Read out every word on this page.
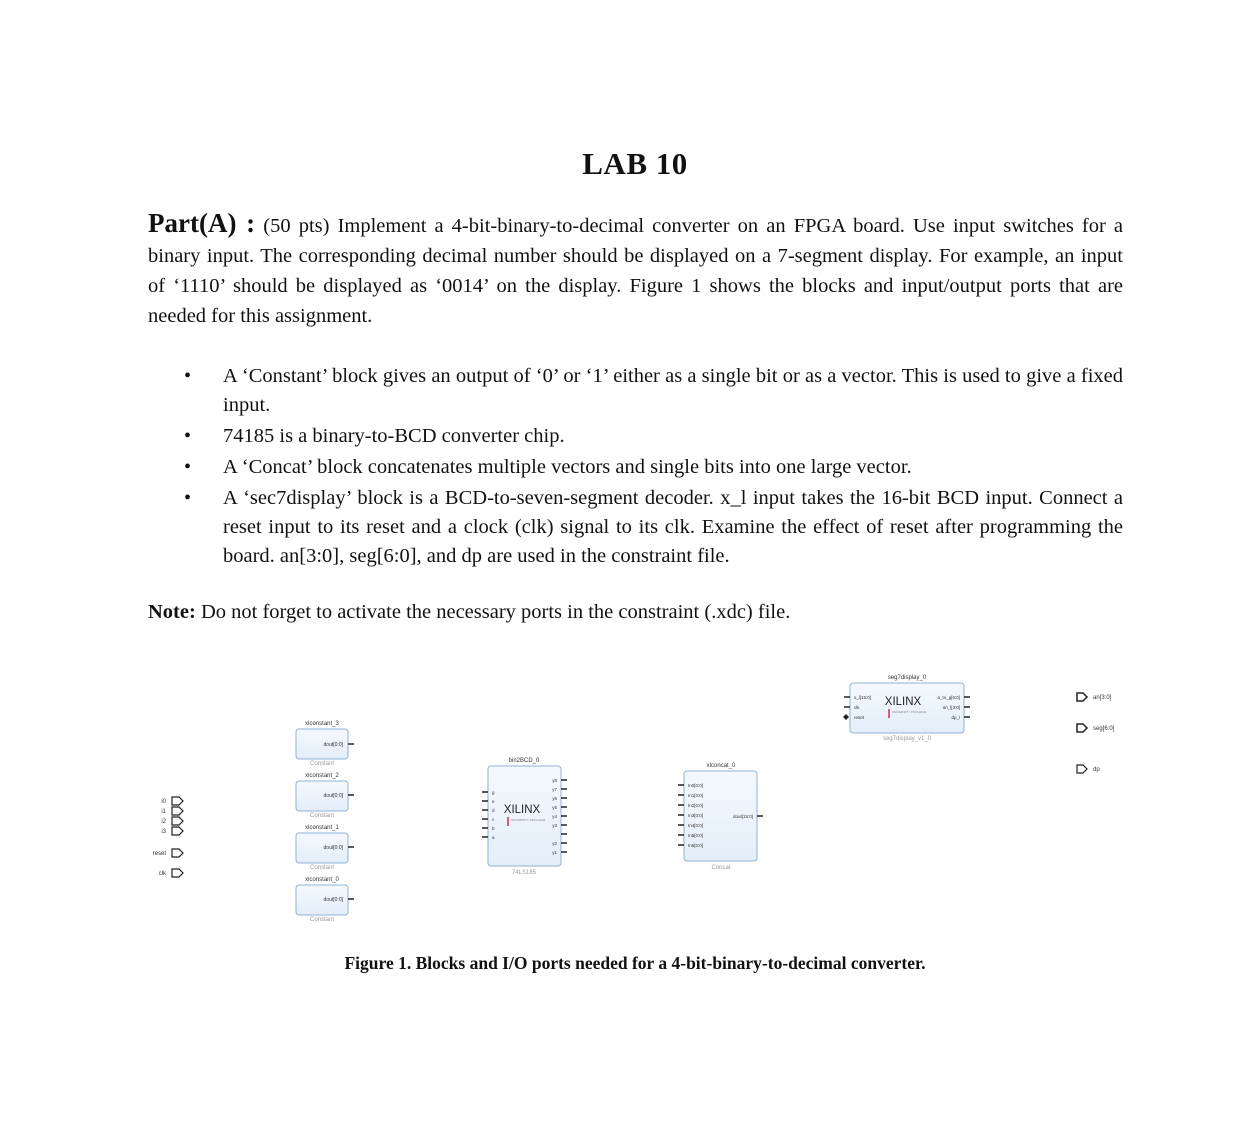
LAB 10
Part(A) : (50 pts) Implement a 4-bit-binary-to-decimal converter on an FPGA board. Use input switches for a binary input. The corresponding decimal number should be displayed on a 7-segment display. For example, an input of ‘1110’ should be displayed as ‘0014’ on the display. Figure 1 shows the blocks and input/output ports that are needed for this assignment.
• A ‘Constant’ block gives an output of ‘0’ or ‘1’ either as a single bit or as a vector. This is used to give a fixed input.
• 74185 is a binary-to-BCD converter chip.
• A ‘Concat’ block concatenates multiple vectors and single bits into one large vector.
• A ‘sec7display’ block is a BCD-to-seven-segment decoder. x_l input takes the 16-bit BCD input. Connect a reset input to its reset and a clock (clk) signal to its clk. Examine the effect of reset after programming the board. an[3:0], seg[6:0], and dp are used in the constraint file.
Note: Do not forget to activate the necessary ports in the constraint (.xdc) file.
i0
i1
i2
i3
reset
clk
xlconstant_3
dout[0:0]
Constant
xlconstant_2
dout[0:0]
Constant
xlconstant_1
dout[0:0]
Constant
xlconstant_0
dout[0:0]
Constant
bin2BCD_0
g
e
d
c
b
a
y8
y7
y6
y5
y4
y3
y2
y1
XILINX
UNIVERSITY PROGRAM
74LS185
xlconcat_0
In0[0:0]
In1[0:0]
In2[0:0]
In3[0:0]
In4[0:0]
In5[0:0]
In6[0:0]
dout[15:0]
Concat
seg7display_0
x_l[15:0]
clk
reset
a_to_g[6:0]
an_l[3:0]
dp_l
XILINX
UNIVERSITY PROGRAM
seg7display_v1_0
an[3:0]
seg[6:0]
dp
Figure 1. Blocks and I/O ports needed for a 4-bit-binary-to-decimal converter.
